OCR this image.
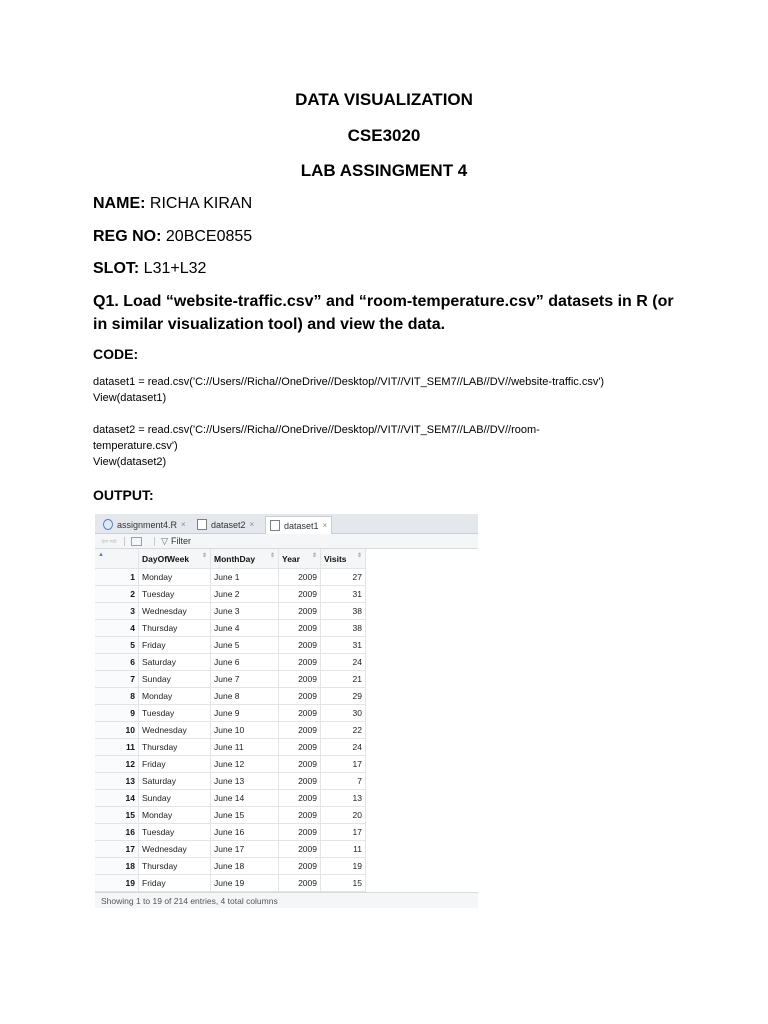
DATA VISUALIZATION
CSE3020
LAB ASSINGMENT 4
NAME: RICHA KIRAN
REG NO: 20BCE0855
SLOT: L31+L32
Q1. Load “website-traffic.csv” and “room-temperature.csv” datasets in R (or
in similar visualization tool) and view the data.
CODE:
dataset1 = read.csv('C://Users//Richa//OneDrive//Desktop//VIT//VIT_SEM7//LAB//DV//website-traffic.csv')
View(dataset1)
dataset2 = read.csv('C://Users//Richa//OneDrive//Desktop//VIT//VIT_SEM7//LAB//DV//room-
temperature.csv')
View(dataset2)
OUTPUT:
assignment4.R ×	dataset2 ×	dataset1 ×
⇦⇨	▽ Filter
▲	DayOfWeek ⇕	MonthDay ⇕	Year ⇕	Visits ⇕

1	Monday	June 1	2009	27
2	Tuesday	June 2	2009	31
3	Wednesday	June 3	2009	38
4	Thursday	June 4	2009	38
5	Friday	June 5	2009	31
6	Saturday	June 6	2009	24
7	Sunday	June 7	2009	21
8	Monday	June 8	2009	29
9	Tuesday	June 9	2009	30
10	Wednesday	June 10	2009	22
11	Thursday	June 11	2009	24
12	Friday	June 12	2009	17
13	Saturday	June 13	2009	7
14	Sunday	June 14	2009	13
15	Monday	June 15	2009	20
16	Tuesday	June 16	2009	17
17	Wednesday	June 17	2009	11
18	Thursday	June 18	2009	19
19	Friday	June 19	2009	15
Showing 1 to 19 of 214 entries, 4 total columns
